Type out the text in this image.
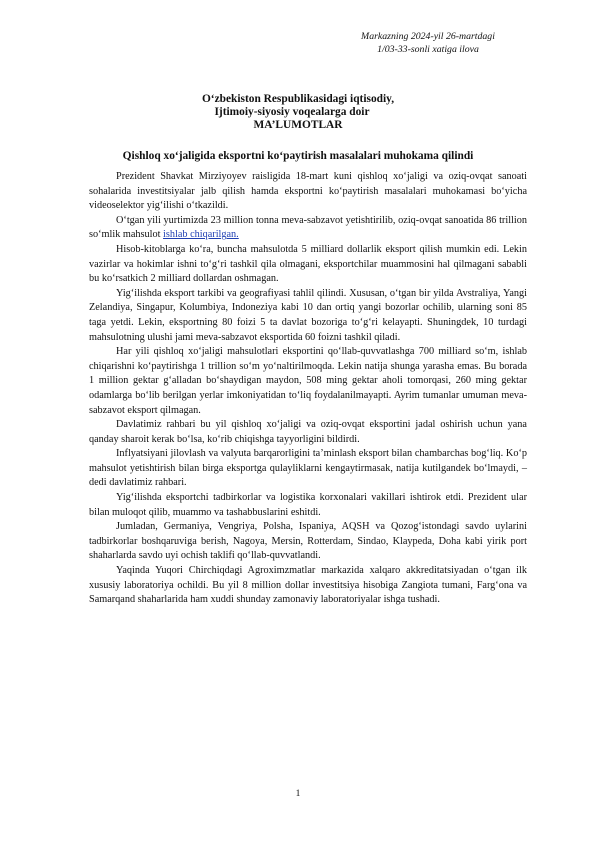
Markazning 2024-yil 26-martdagi
1/03-33-sonli xatiga ilova
O‘zbekiston Respublikasidagi iqtisodiy,
Ijtimoiy-siyosiy voqealarga doir
MA’LUMOTLAR
Qishloq xo‘jaligida eksportni ko‘paytirish masalalari muhokama qilindi

Prezident Shavkat Mirziyoyev raisligida 18-mart kuni qishloq xo‘jaligi va oziq-ovqat sanoati sohalarida investitsiyalar jalb qilish hamda eksportni ko‘paytirish masalalari muhokamasi bo‘yicha videoselektor yig‘ilishi o‘tkazildi.

O‘tgan yili yurtimizda 23 million tonna meva-sabzavot yetishtirilib, oziq-ovqat sanoatida 86 trillion so‘mlik mahsulot ishlab chiqarilgan.

Hisob-kitoblarga ko‘ra, buncha mahsulotda 5 milliard dollarlik eksport qilish mumkin edi. Lekin vazirlar va hokimlar ishni to‘g‘ri tashkil qila olmagani, eksportchilar muammosini hal qilmagani sababli bu ko‘rsatkich 2 milliard dollardan oshmagan.

Yig‘ilishda eksport tarkibi va geografiyasi tahlil qilindi. Xususan, o‘tgan bir yilda Avstraliya, Yangi Zelandiya, Singapur, Kolumbiya, Indoneziya kabi 10 dan ortiq yangi bozorlar ochilib, ularning soni 85 taga yetdi. Lekin, eksportning 80 foizi 5 ta davlat bozoriga to‘g‘ri kelayapti. Shuningdek, 10 turdagi mahsulotning ulushi jami meva-sabzavot eksportida 60 foizni tashkil qiladi.

Har yili qishloq xo‘jaligi mahsulotlari eksportini qo‘llab-quvvatlashga 700 milliard so‘m, ishlab chiqarishni ko‘paytirishga 1 trillion so‘m yo‘naltirilmoqda. Lekin natija shunga yarasha emas. Bu borada 1 million gektar g‘alladan bo‘shaydigan maydon, 508 ming gektar aholi tomorqasi, 260 ming gektar odamlarga bo‘lib berilgan yerlar imkoniyatidan to‘liq foydalanilmayapti. Ayrim tumanlar umuman meva-sabzavot eksport qilmagan.

Davlatimiz rahbari bu yil qishloq xo‘jaligi va oziq-ovqat eksportini jadal oshirish uchun yana qanday sharoit kerak bo‘lsa, ko‘rib chiqishga tayyorligini bildirdi.

Inflyatsiyani jilovlash va valyuta barqarorligini ta’minlash eksport bilan chambarchas bog‘liq. Ko‘p mahsulot yetishtirish bilan birga eksportga qulayliklarni kengaytirmasak, natija kutilgandek bo‘lmaydi, – dedi davlatimiz rahbari.

Yig‘ilishda eksportchi tadbirkorlar va logistika korxonalari vakillari ishtirok etdi. Prezident ular bilan muloqot qilib, muammo va tashabbuslarini eshitdi.

Jumladan, Germaniya, Vengriya, Polsha, Ispaniya, AQSH va Qozog‘istondagi savdo uylarini tadbirkorlar boshqaruviga berish, Nagoya, Mersin, Rotterdam, Sindao, Klaypeda, Doha kabi yirik port shaharlarda savdo uyi ochish taklifi qo‘llab-quvvatlandi.

Yaqinda Yuqori Chirchiqdagi Agroximzmatlar markazida xalqaro akkreditatsiyadan o‘tgan ilk xususiy laboratoriya ochildi. Bu yil 8 million dollar investitsiya hisobiga Zangiota tumani, Farg‘ona va Samarqand shaharlarida ham xuddi shunday zamonaviy laboratoriyalar ishga tushadi.

1
